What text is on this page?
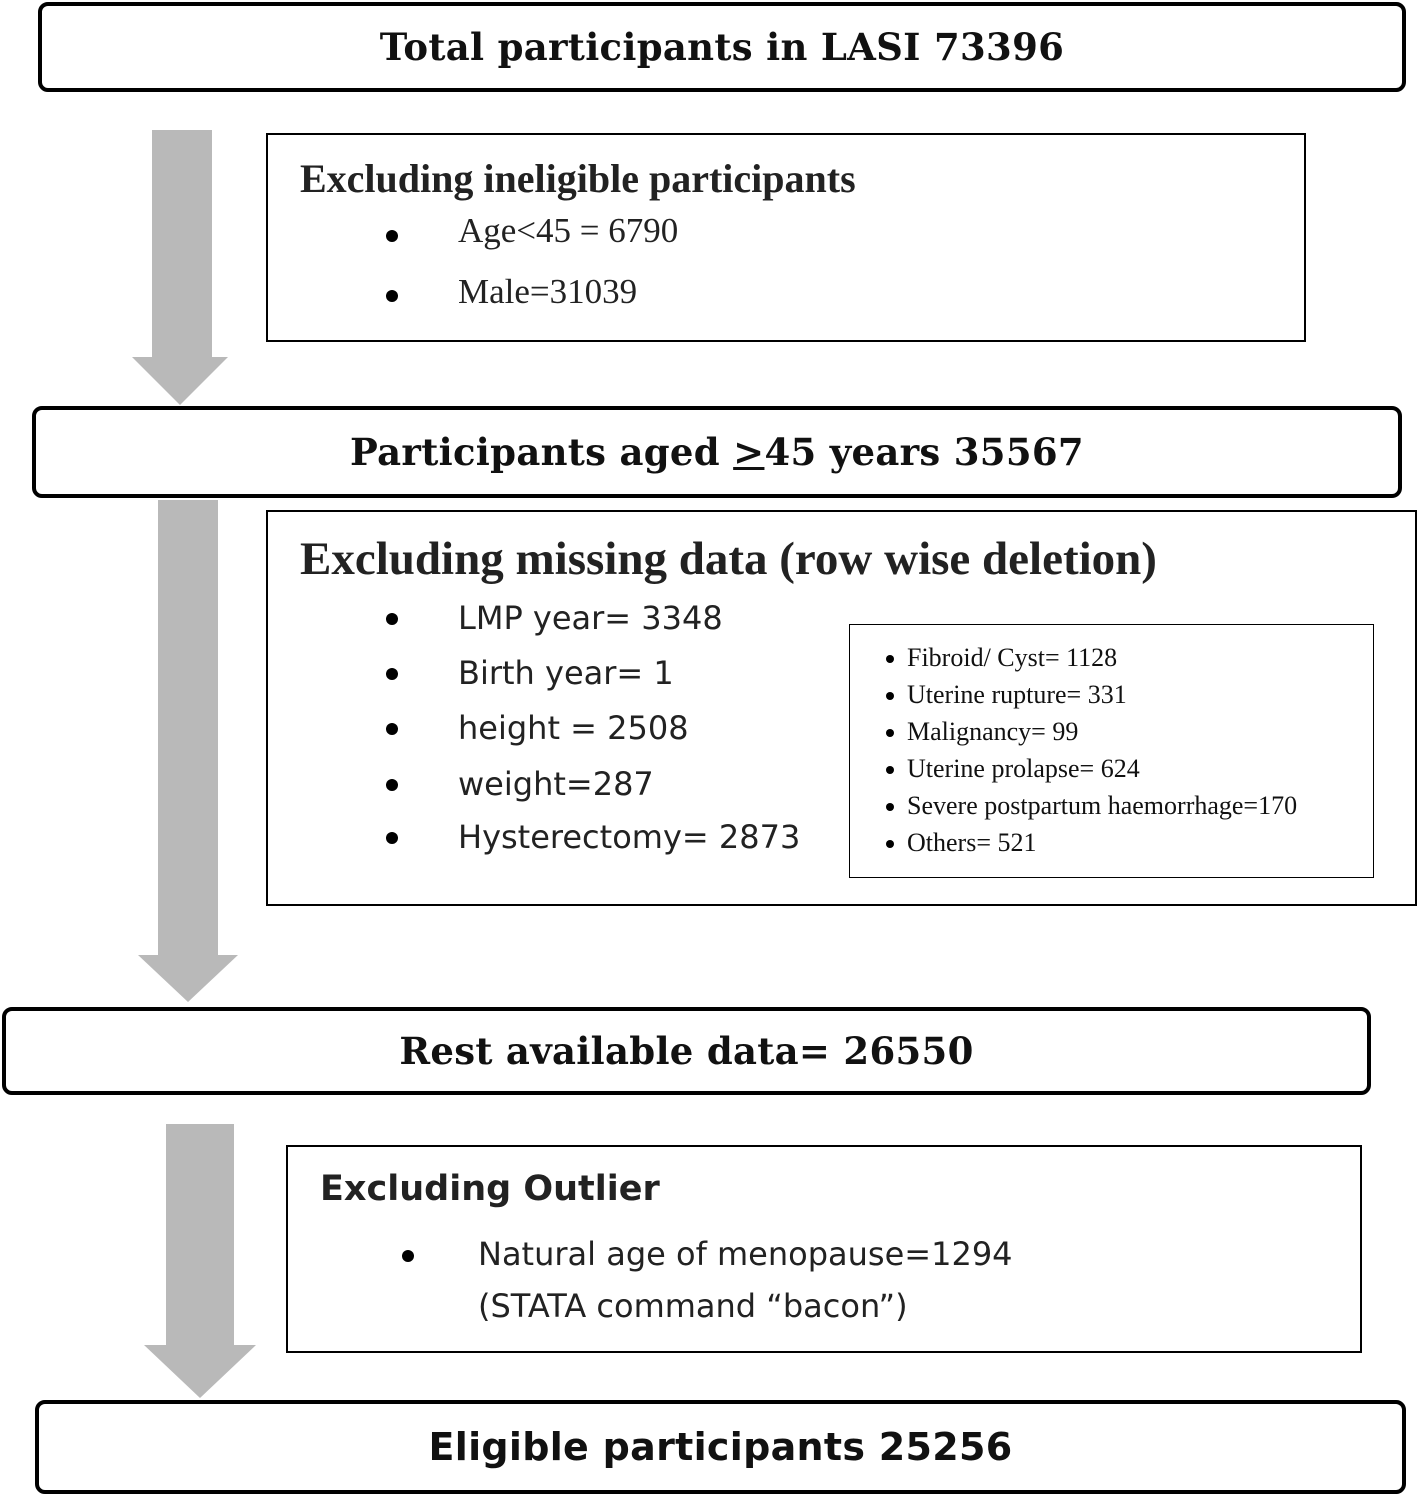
Total participants in LASI 73396
Excluding ineligible participants
Age<45 = 6790
Male=31039
Participants aged ≥ 45 years 35567
Excluding missing data (row wise deletion)
LMP year= 3348
Birth year= 1
height = 2508
weight=287
Hysterectomy= 2873
Fibroid/ Cyst= 1128
Uterine rupture= 331
Malignancy= 99
Uterine prolapse= 624
Severe postpartum haemorrhage=170
Others= 521
Rest available data= 26550
Excluding Outlier
Natural age of menopause=1294
(STATA command “bacon”)
Eligible participants 25256
